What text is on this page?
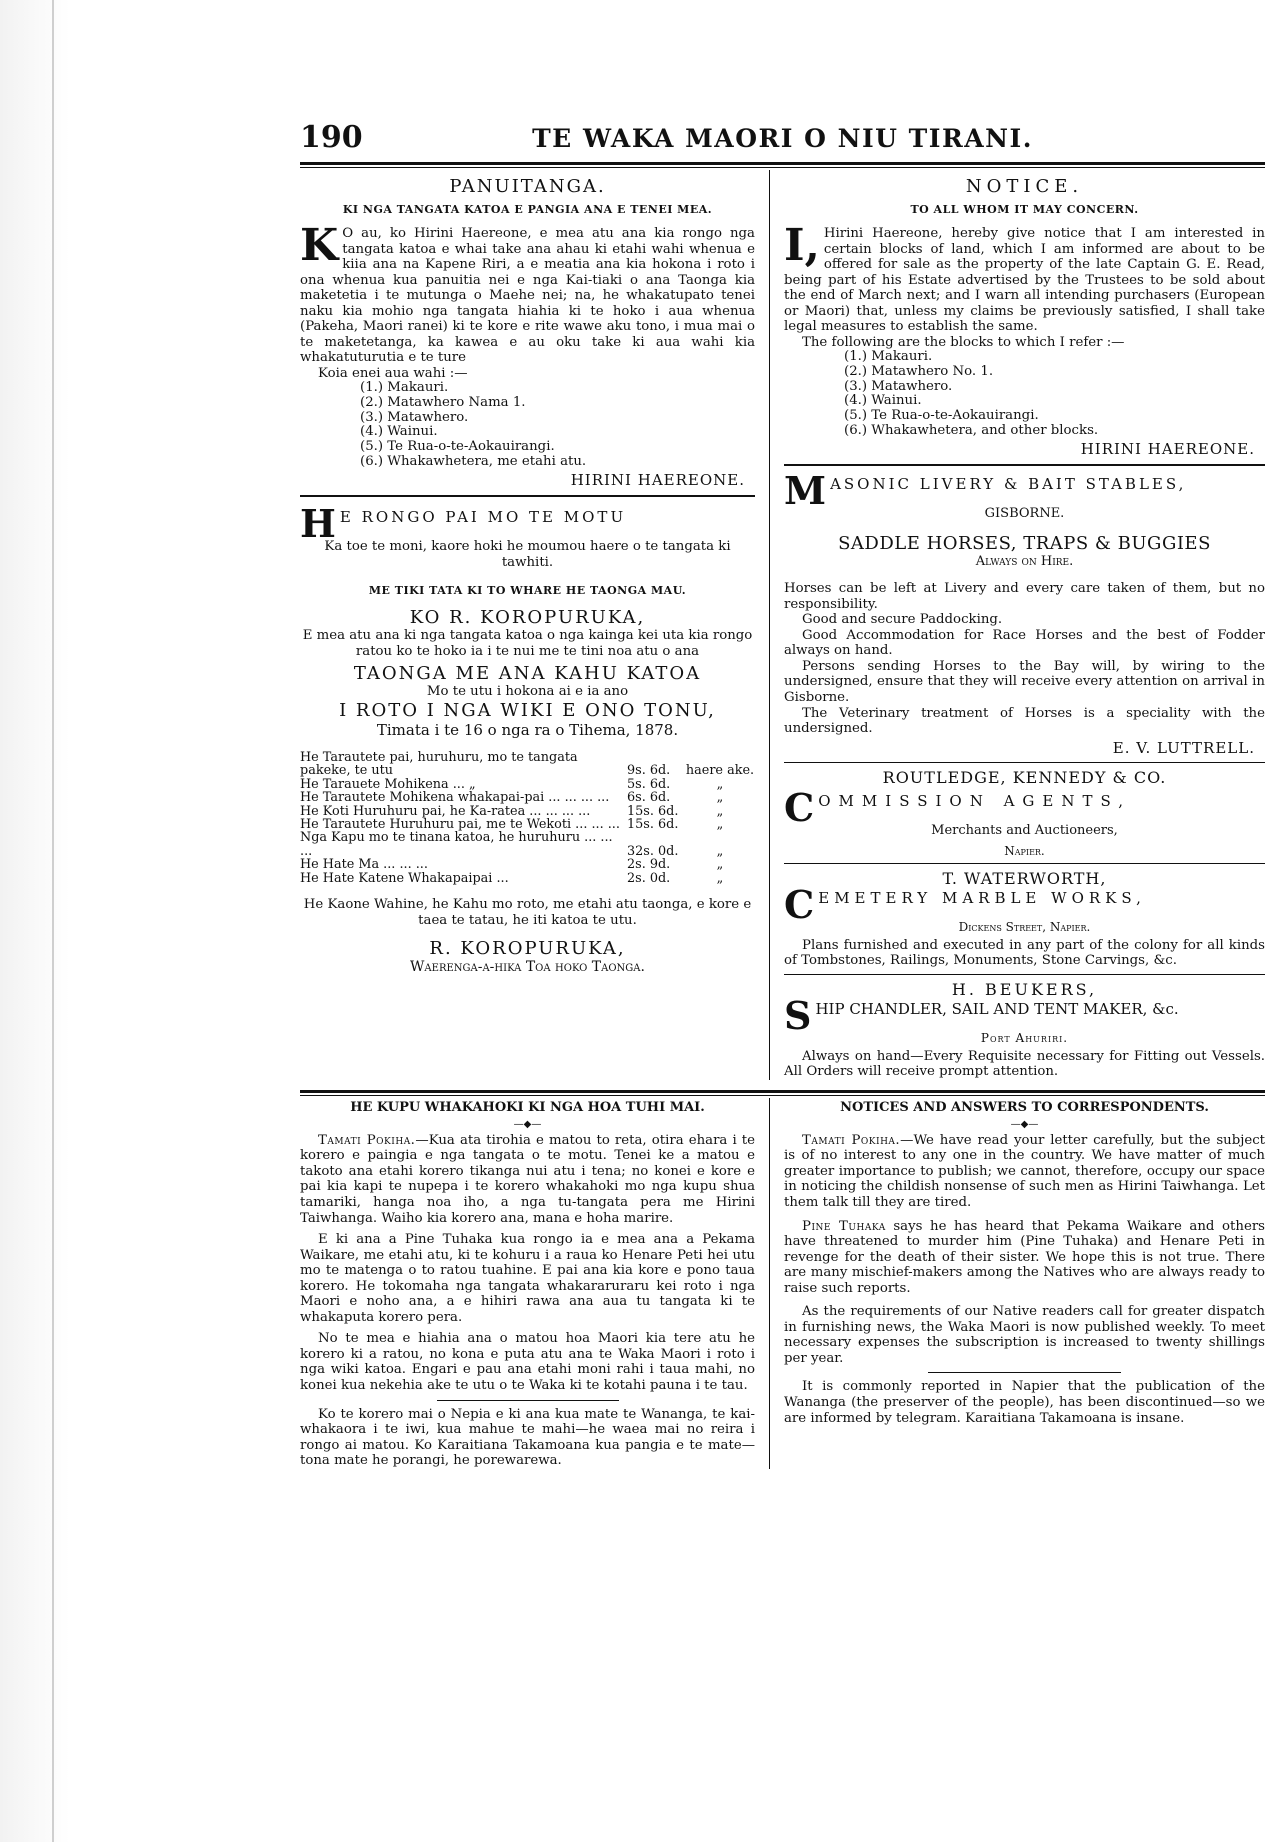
190	TE WAKA MAORI O NIU TIRANI.
PANUITANGA.
KI NGA TANGATA KATOA E PANGIA ANA E TENEI MEA.

K O au, ko Hirini Haereone, e mea atu ana kia rongo nga tangata katoa e whai take ana ahau ki etahi wahi whenua e kiia ana na Kapene Riri, a e meatia ana kia hokona i roto i ona whenua kua panuitia nei e nga Kai-tiaki o ana Taonga kia maketetia i te mutunga o Maehe nei; na, he whakatupato tenei naku kia mohio nga tangata hiahia ki te hoko i aua whenua (Pakeha, Maori ranei) ki te kore e rite wawe aku tono, i mua mai o te maketetanga, ka kawea e au oku take ki aua wahi kia whakatuturutia e te ture

Koia enei aua wahi :—

(1.) Makauri.
(2.) Matawhero Nama 1.
(3.) Matawhero.
(4.) Wainui.
(5.) Te Rua-o-te-Aokauirangi.
(6.) Whakawhetera, me etahi atu.
HIRINI HAEREONE.
H E RONGO PAI MO TE MOTU

Ka toe te moni, kaore hoki he moumou haere o te tangata ki tawhiti.

ME TIKI TATA KI TO WHARE HE TAONGA MAU.
KO R. KOROPURUKA,

E mea atu ana ki nga tangata katoa o nga kainga kei uta kia rongo ratou ko te hoko ia i te nui me te tini noa atu o ana

TAONGA ME ANA KAHU KATOA

Mo te utu i hokona ai e ia ano

I ROTO I NGA WIKI E ONO TONU,
Timata i te 16 o nga ra o Tihema, 1878.
He Tarautete pai, huruhuru, mo te tangata pakeke, te utu	9s. 6d.	haere ake.
He Tarauete Mohikena ... „	5s. 6d.	„
He Tarautete Mohikena whakapai-pai ... ... ... ...	6s. 6d.	„
He Koti Huruhuru pai, he Ka-ratea ... ... ... ...	15s. 6d.	„
He Tarautete Huruhuru pai, me te Wekoti ... ... ...	15s. 6d.	„
Nga Kapu mo te tinana katoa, he huruhuru ... ... ...	32s. 0d.	„
He Hate Ma ... ... ...	2s. 9d.	„
He Hate Katene Whakapaipai ...	2s. 0d.	„

He Kaone Wahine, he Kahu mo roto, me etahi atu taonga, e kore e taea te tatau, he iti katoa te utu.

R. KOROPURUKA,
Waerenga-a-hika Toa hoko Taonga.
NOTICE.
TO ALL WHOM IT MAY CONCERN.

I, Hirini Haereone, hereby give notice that I am interested in certain blocks of land, which I am informed are about to be offered for sale as the property of the late Captain G. E. Read, being part of his Estate advertised by the Trustees to be sold about the end of March next; and I warn all intending purchasers (European or Maori) that, unless my claims be previously satisfied, I shall take legal measures to establish the same.

The following are the blocks to which I refer :—

(1.) Makauri.
(2.) Matawhero No. 1.
(3.) Matawhero.
(4.) Wainui.
(5.) Te Rua-o-te-Aokauirangi.
(6.) Whakawhetera, and other blocks.
HIRINI HAEREONE.
M ASONIC LIVERY & BAIT STABLES,
GISBORNE.
SADDLE HORSES, TRAPS & BUGGIES
Always on Hire.

Horses can be left at Livery and every care taken of them, but no responsibility.

Good and secure Paddocking.

Good Accommodation for Race Horses and the best of Fodder always on hand.

Persons sending Horses to the Bay will, by wiring to the undersigned, ensure that they will receive every attention on arrival in Gisborne.

The Veterinary treatment of Horses is a speciality with the undersigned.

E. V. LUTTRELL.
ROUTLEDGE, KENNEDY & CO.
C OMMISSION AGENTS,
Merchants and Auctioneers,
Napier.
T. WATERWORTH,
C EMETERY MARBLE WORKS,
Dickens Street, Napier.

Plans furnished and executed in any part of the colony for all kinds of Tombstones, Railings, Monuments, Stone Carvings, &c.

H. BEUKERS,
S HIP CHANDLER, SAIL AND TENT MAKER, &c.
Port Ahuriri.

Always on hand—Every Requisite necessary for Fitting out Vessels. All Orders will receive prompt attention.

HE KUPU WHAKAHOKI KI NGA HOA TUHI MAI.
—◆—

Tamati Pokiha.—Kua ata tirohia e matou to reta, otira ehara i te korero e paingia e nga tangata o te motu. Tenei ke a matou e takoto ana etahi korero tikanga nui atu i tena; no konei e kore e pai kia kapi te nupepa i te korero whakahoki mo nga kupu shua tamariki, hanga noa iho, a nga tu-tangata pera me Hirini Taiwhanga. Waiho kia korero ana, mana e hoha marire.

E ki ana a Pine Tuhaka kua rongo ia e mea ana a Pekama Waikare, me etahi atu, ki te kohuru i a raua ko Henare Peti hei utu mo te matenga o to ratou tuahine. E pai ana kia kore e pono taua korero. He tokomaha nga tangata whakararuraru kei roto i nga Maori e noho ana, a e hihiri rawa ana aua tu tangata ki te whakaputa korero pera.

No te mea e hiahia ana o matou hoa Maori kia tere atu he korero ki a ratou, no kona e puta atu ana te Waka Maori i roto i nga wiki katoa. Engari e pau ana etahi moni rahi i taua mahi, no konei kua nekehia ake te utu o te Waka ki te kotahi pauna i te tau.

Ko te korero mai o Nepia e ki ana kua mate te Wananga, te kai-whakaora i te iwi, kua mahue te mahi—he waea mai no reira i rongo ai matou. Ko Karaitiana Takamoana kua pangia e te mate—tona mate he porangi, he porewarewa.

NOTICES AND ANSWERS TO CORRESPONDENTS.
—◆—

Tamati Pokiha.—We have read your letter carefully, but the subject is of no interest to any one in the country. We have matter of much greater importance to publish; we cannot, therefore, occupy our space in noticing the childish nonsense of such men as Hirini Taiwhanga. Let them talk till they are tired.

Pine Tuhaka says he has heard that Pekama Waikare and others have threatened to murder him (Pine Tuhaka) and Henare Peti in revenge for the death of their sister. We hope this is not true. There are many mischief-makers among the Natives who are always ready to raise such reports.

As the requirements of our Native readers call for greater dispatch in furnishing news, the Waka Maori is now published weekly. To meet necessary expenses the subscription is increased to twenty shillings per year.

It is commonly reported in Napier that the publication of the Wananga (the preserver of the people), has been discontinued—so we are informed by telegram. Karaitiana Takamoana is insane.
